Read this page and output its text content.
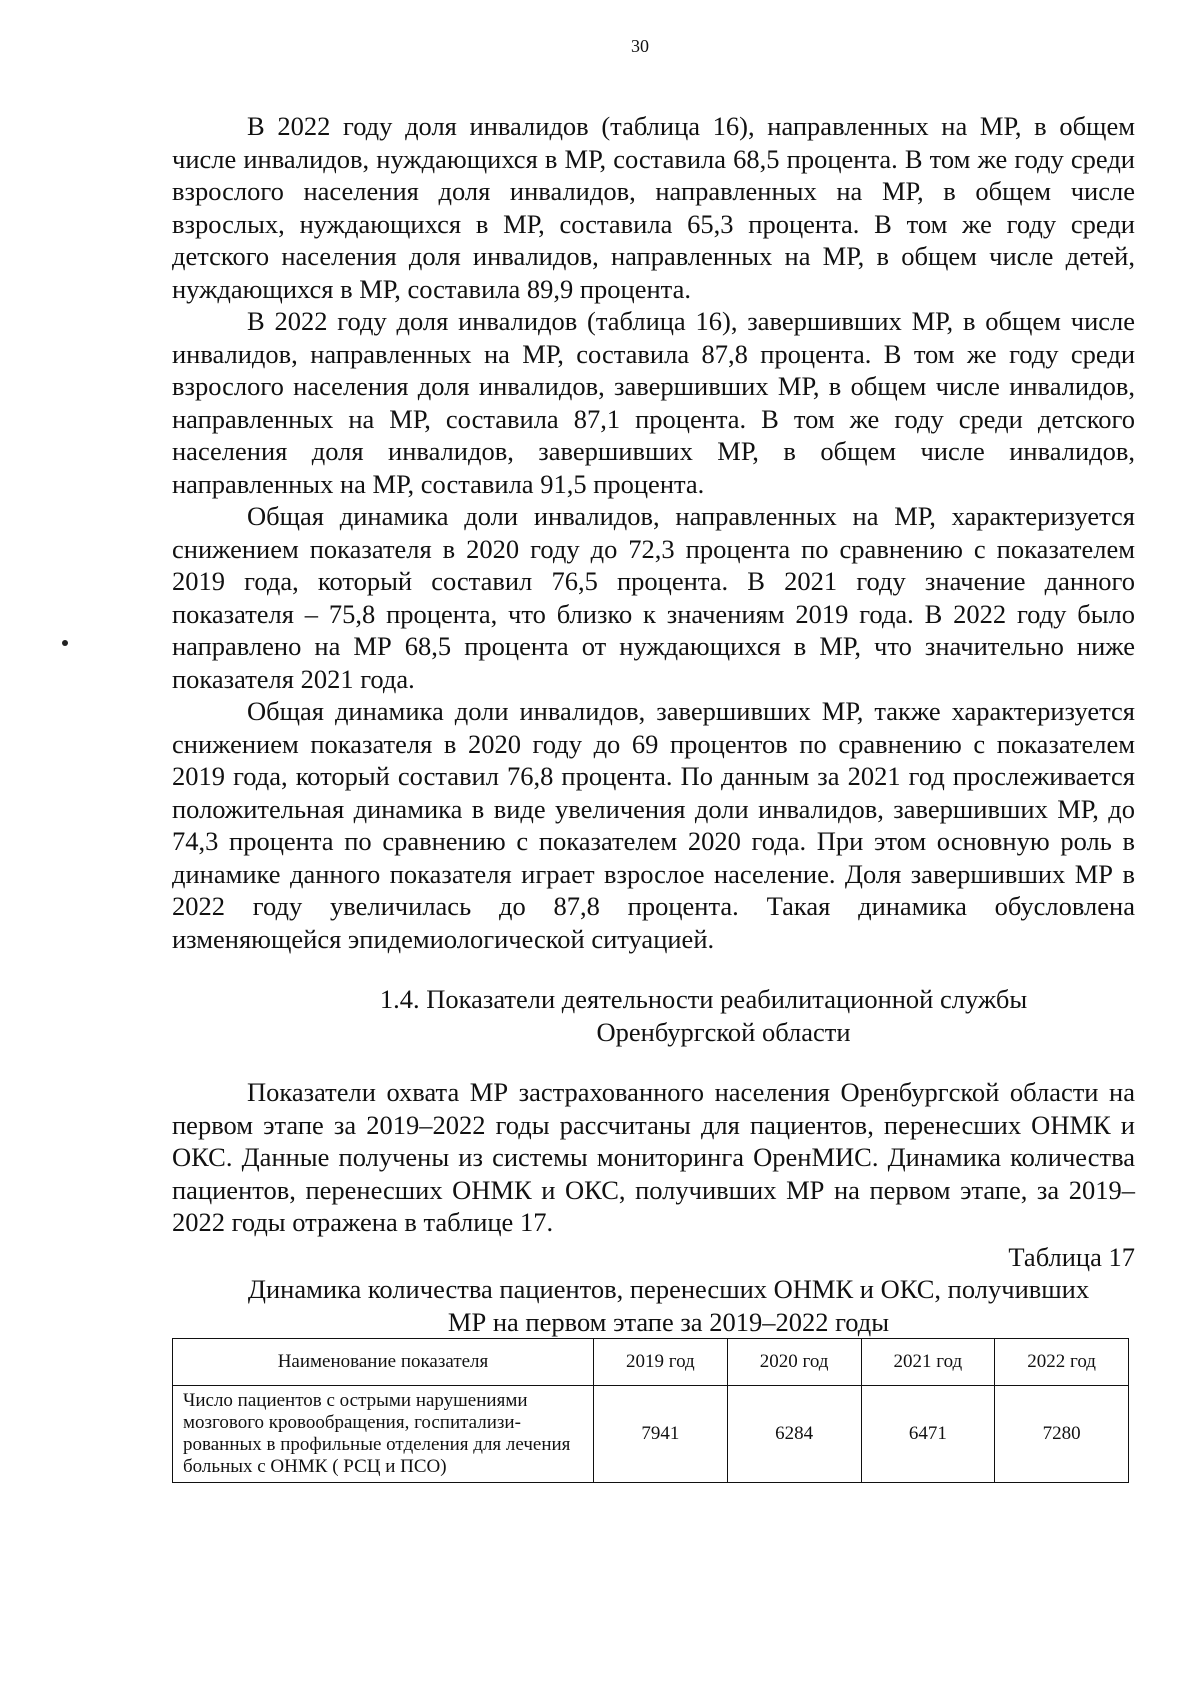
30

В 2022 году доля инвалидов (таблица 16), направленных на МР, в общем числе инвалидов, нуждающихся в МР, составила 68,5 процента. В том же году среди взрослого населения доля инвалидов, направленных на МР, в общем числе взрослых, нуждающихся в МР, составила 65,3 процента. В том же году среди детского населения доля инвалидов, направленных на МР, в общем числе детей, нуждающихся в МР, составила 89,9 процента.

В 2022 году доля инвалидов (таблица 16), завершивших МР, в общем числе инвалидов, направленных на МР, составила 87,8 процента. В том же году среди взрослого населения доля инвалидов, завершивших МР, в общем числе инвалидов, направленных на МР, составила 87,1 процента. В том же году среди детского населения доля инвалидов, завершивших МР, в общем числе инвалидов, направленных на МР, составила 91,5 процента.

Общая динамика доли инвалидов, направленных на МР, характеризуется снижением показателя в 2020 году до 72,3 процента по сравнению с показателем 2019 года, который составил 76,5 процента. В 2021 году значение данного показателя – 75,8 процента, что близко к значениям 2019 года. В 2022 году было направлено на МР 68,5 процента от нуждающихся в МР, что значительно ниже показателя 2021 года.

Общая динамика доли инвалидов, завершивших МР, также характеризуется снижением показателя в 2020 году до 69 процентов по сравнению с показателем 2019 года, который составил 76,8 процента. По данным за 2021 год прослеживается положительная динамика в виде увеличения доли инвалидов, завершивших МР, до 74,3 процента по сравнению с показателем 2020 года. При этом основную роль в динамике данного показателя играет взрослое население. Доля завершивших МР в 2022 году увеличилась до 87,8 процента. Такая динамика обусловлена изменяющейся эпидемиологической ситуацией.

1.4. Показатели деятельности реабилитационной службы
Оренбургской области

Показатели охвата МР застрахованного населения Оренбургской области на первом этапе за 2019–2022 годы рассчитаны для пациентов, перенесших ОНМК и ОКС. Данные получены из системы мониторинга ОренМИС. Динамика количества пациентов, перенесших ОНМК и ОКС, получивших МР на первом этапе, за 2019–2022 годы отражена в таблице 17.

Таблица 17
Динамика количества пациентов, перенесших ОНМК и ОКС, получивших
МР на первом этапе за 2019–2022 годы
Наименование показателя	2019 год	2020 год	2021 год	2022 год
Число пациентов с острыми нарушениями мозгового кровообращения, госпитализированных в профильные отделения для лечения больных с ОНМК ( РСЦ и ПСО)	7941	6284	6471	7280
